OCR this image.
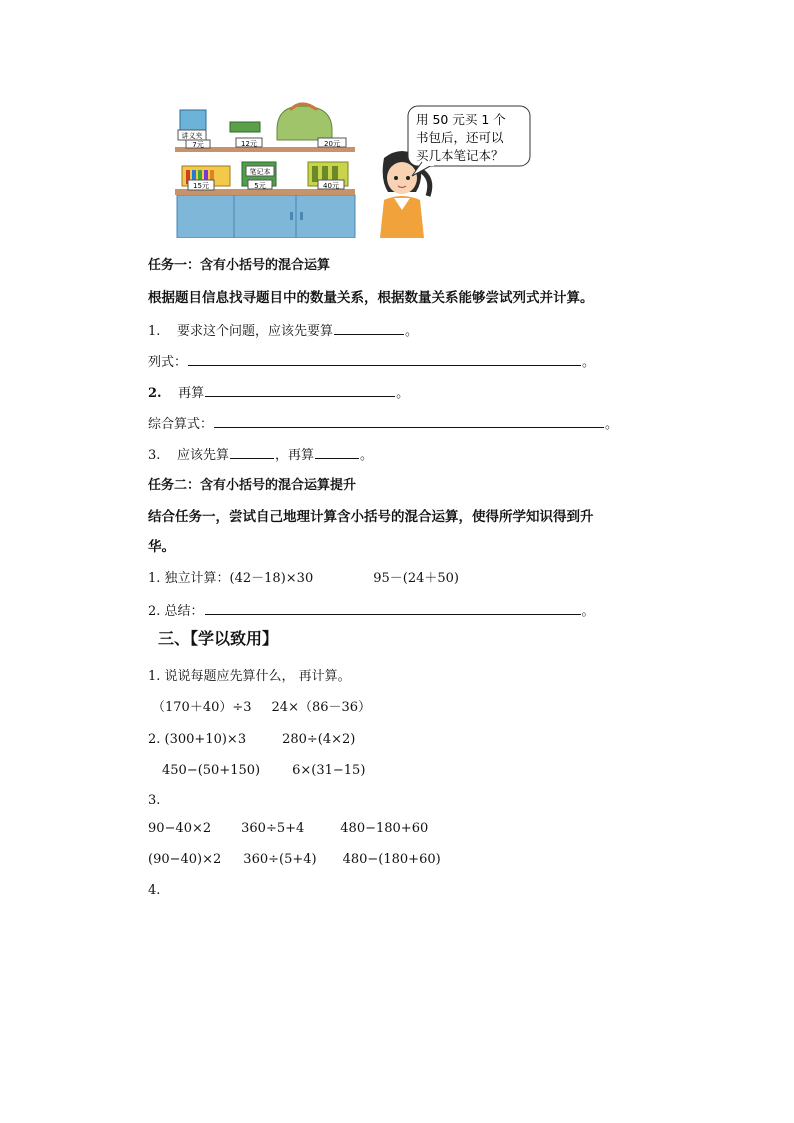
讲义夹
7元	12元	20元
15元
笔记本
5元	40元
用 50 元买 1 个
书包后，还可以
买几本笔记本？
任务一：含有小括号的混合运算
根据题目信息找寻题目中的数量关系，根据数量关系能够尝试列式并计算。
1. 要求这个问题，应该先要算	。
列式：	。
2. 再算	。
综合算式：	。
3. 应该先算	，再算	。
任务二：含有小括号的混合运算提升
结合任务一，尝试自己地理计算含小括号的混合运算，使得所学知识得到升
华。
1. 独立计算：(42－18)×30	95－(24＋50)
2. 总结：	。
三、【学以致用】
1. 说说每题应先算什么， 再计算。
（170＋40）÷3 24×（86－36）
2. (300+10)×3	280÷(4×2)
450−(50+150) 6×(31−15)
3.
90−40×2 360÷5+4	480−180+60
(90−40)×2 360÷(5+4) 480−(180+60)
4.
